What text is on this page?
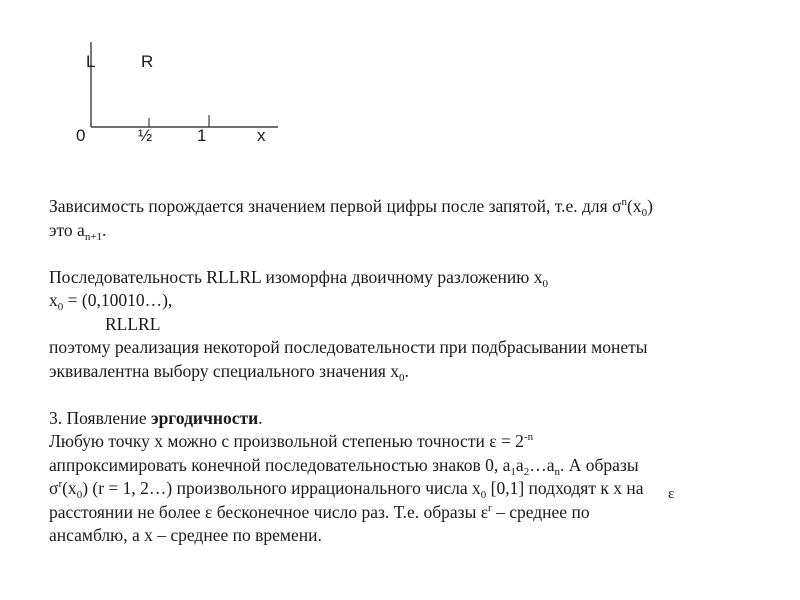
L	R
0	½	1	x
Зависимость порождается значением первой цифры после запятой, т.е. для $\sigma^n(x_0)$
это $a_{n+1}$.
Последовательность RLLRL изоморфна двоичному разложению $x_0$
$x_0$ = (0,10010…),
RLLRL
поэтому реализация некоторой последовательности при подбрасывании монеты
эквивалентна выбору специального значения $x_0$.
3. Появление эргодичности.
Любую точку x можно с произвольной степенью точности $\varepsilon = 2^{-n}$
аппроксимировать конечной последовательностью знаков 0, $a_1a_2\dots a_n$. А образы
$\sigma^r(x_0) (r = 1$, 2…) произвольного иррационального числа $x_0$ [0,1] подходят к x на ε
расстоянии не более ε бесконечное число раз. Т.е. образы $\varepsilon^r$ – среднее по
ансамблю, а x – среднее по времени.
